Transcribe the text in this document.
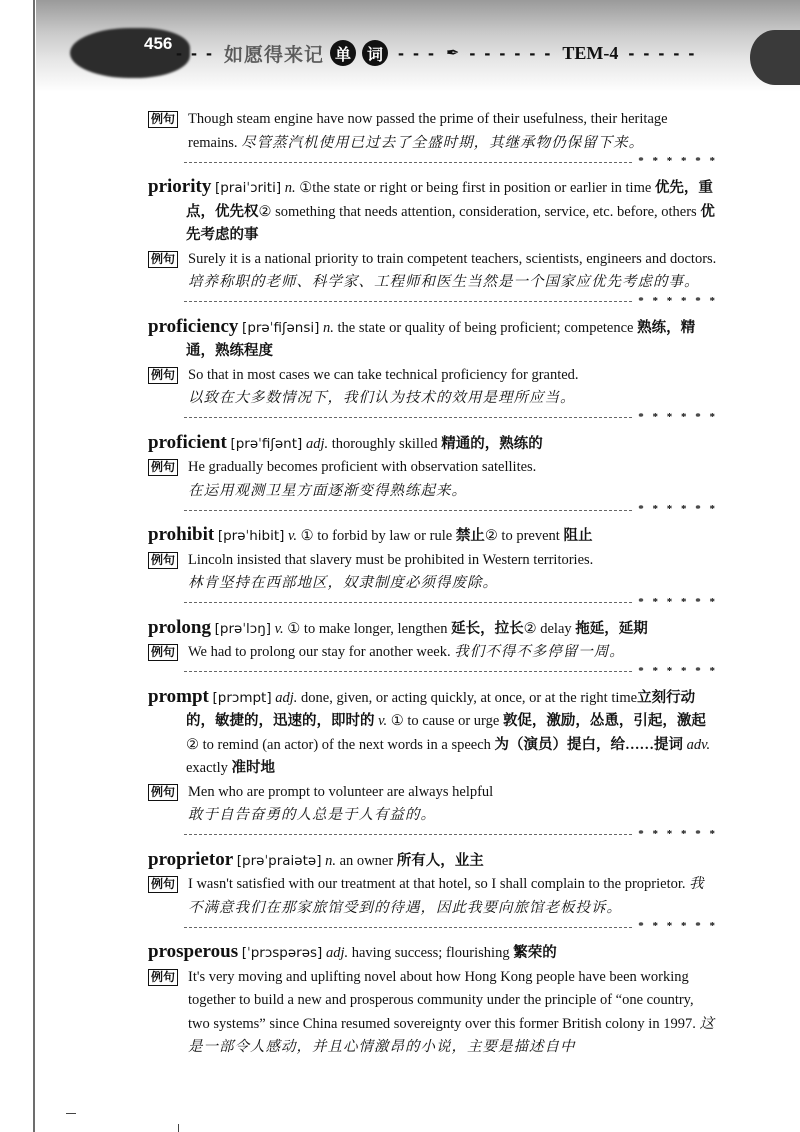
456 - - - 如愿得来记 单 词 - - - ✒ - - - - - - TEM-4 - - - - -

例句 Though steam engine have now passed the prime of their usefulness, their heritage remains. 尽管蒸汽机使用已过去了全盛时期，其继承物仍保留下来。

* * * * * *

priority [praiˈɔriti] n. ①the state or right or being first in position or earlier in time 优先，重点，优先权② something that needs attention, consideration, service, etc. before, others 优先考虑的事

例句 Surely it is a national priority to train competent teachers, scientists, engineers and doctors.
培养称职的老师、科学家、工程师和医生当然是一个国家应优先考虑的事。

* * * * * *

proficiency [prəˈfiʃənsi] n. the state or quality of being proficient; competence 熟练，精通，熟练程度

例句 So that in most cases we can take technical proficiency for granted.
以致在大多数情况下，我们认为技术的效用是理所应当。

* * * * * *

proficient [prəˈfiʃənt] adj. thoroughly skilled 精通的，熟练的

例句 He gradually becomes proficient with observation satellites.
在运用观测卫星方面逐渐变得熟练起来。

* * * * * *

prohibit [prəˈhibit] v. ① to forbid by law or rule 禁止② to prevent 阻止

例句 Lincoln insisted that slavery must be prohibited in Western territories.
林肯坚持在西部地区，奴隶制度必须得废除。

* * * * * *

prolong [prəˈlɔŋ] v. ① to make longer, lengthen 延长，拉长② delay 拖延，延期

例句 We had to prolong our stay for another week. 我们不得不多停留一周。

* * * * * *

prompt [prɔmpt] adj. done, given, or acting quickly, at once, or at the right time立刻行动的，敏捷的，迅速的，即时的 v. ① to cause or urge 敦促，激励，怂恿，引起，激起② to remind (an actor) of the next words in a speech 为（演员）提白，给……提词 adv. exactly 准时地

例句 Men who are prompt to volunteer are always helpful
敢于自告奋勇的人总是于人有益的。

* * * * * *

proprietor [prəˈpraiətə] n. an owner 所有人，业主

例句 I wasn't satisfied with our treatment at that hotel, so I shall complain to the proprietor. 我不满意我们在那家旅馆受到的待遇，因此我要向旅馆老板投诉。

* * * * * *

prosperous [ˈprɔspərəs] adj. having success; flourishing 繁荣的

例句 It's very moving and uplifting novel about how Hong Kong people have been working together to build a new and prosperous community under the principle of “one country, two systems” since China resumed sovereignty over this former British colony in 1997. 这是一部令人感动，并且心情激昂的小说，主要是描述自中
